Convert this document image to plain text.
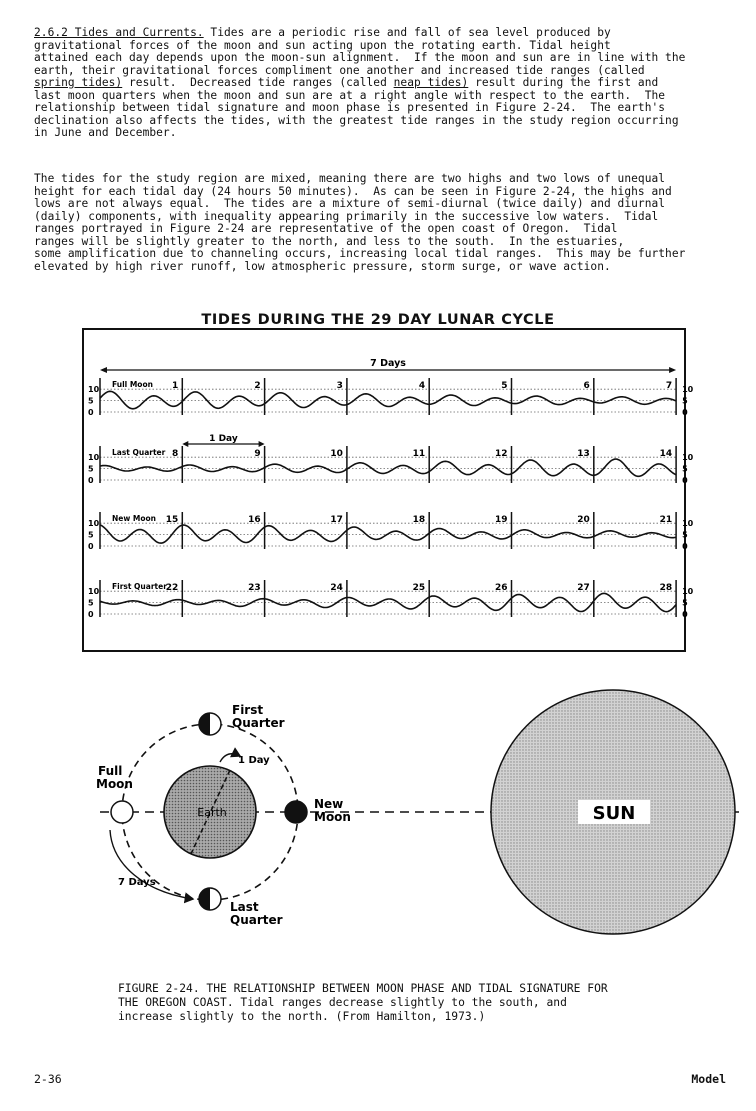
2.6.2 Tides and Currents. Tides are a periodic rise and fall of sea level produced by
gravitational forces of the moon and sun acting upon the rotating earth. Tidal height
attained each day depends upon the moon-sun alignment.  If the moon and sun are in line with the
earth, their gravitational forces compliment one another and increased tide ranges (called
spring tides) result.  Decreased tide ranges (called neap tides) result during the first and
last moon quarters when the moon and sun are at a right angle with respect to the earth.  The
relationship between tidal signature and moon phase is presented in Figure 2-24.  The earth's
declination also affects the tides, with the greatest tide ranges in the study region occurring
in June and December.
The tides for the study region are mixed, meaning there are two highs and two lows of unequal
height for each tidal day (24 hours 50 minutes).  As can be seen in Figure 2-24, the highs and
lows are not always equal.  The tides are a mixture of semi-diurnal (twice daily) and diurnal
(daily) components, with inequality appearing primarily in the successive low waters.  Tidal
ranges portrayed in Figure 2-24 are representative of the open coast of Oregon.  Tidal
ranges will be slightly greater to the north, and less to the south.  In the estuaries,
some amplification due to channeling occurs, increasing local tidal ranges.  This may be further
elevated by high river runoff, low atmospheric pressure, storm surge, or wave action.
TIDES DURING THE 29 DAY LUNAR CYCLE
7 Days
10	10
5	5
0	0
1	2	3	4	5	6	7
Full Moon
10	10
5	5
0	0
8	9	10	11	12	13	14
Last Quarter
10	10
5	5
0	0
15	16	17	18	19	20	21
New Moon
10	10
5	5
0	0
22	23	24	25	26	27	28
First Quarter
1 Day
SUN
Earth
1 Day
First
Quarter
Last
Quarter
Full
Moon
New
Moon
7 Days
FIGURE 2-24. THE RELATIONSHIP BETWEEN MOON PHASE AND TIDAL SIGNATURE FOR
THE OREGON COAST. Tidal ranges decrease slightly to the south, and
increase slightly to the north. (From Hamilton, 1973.)
2-36	Model
